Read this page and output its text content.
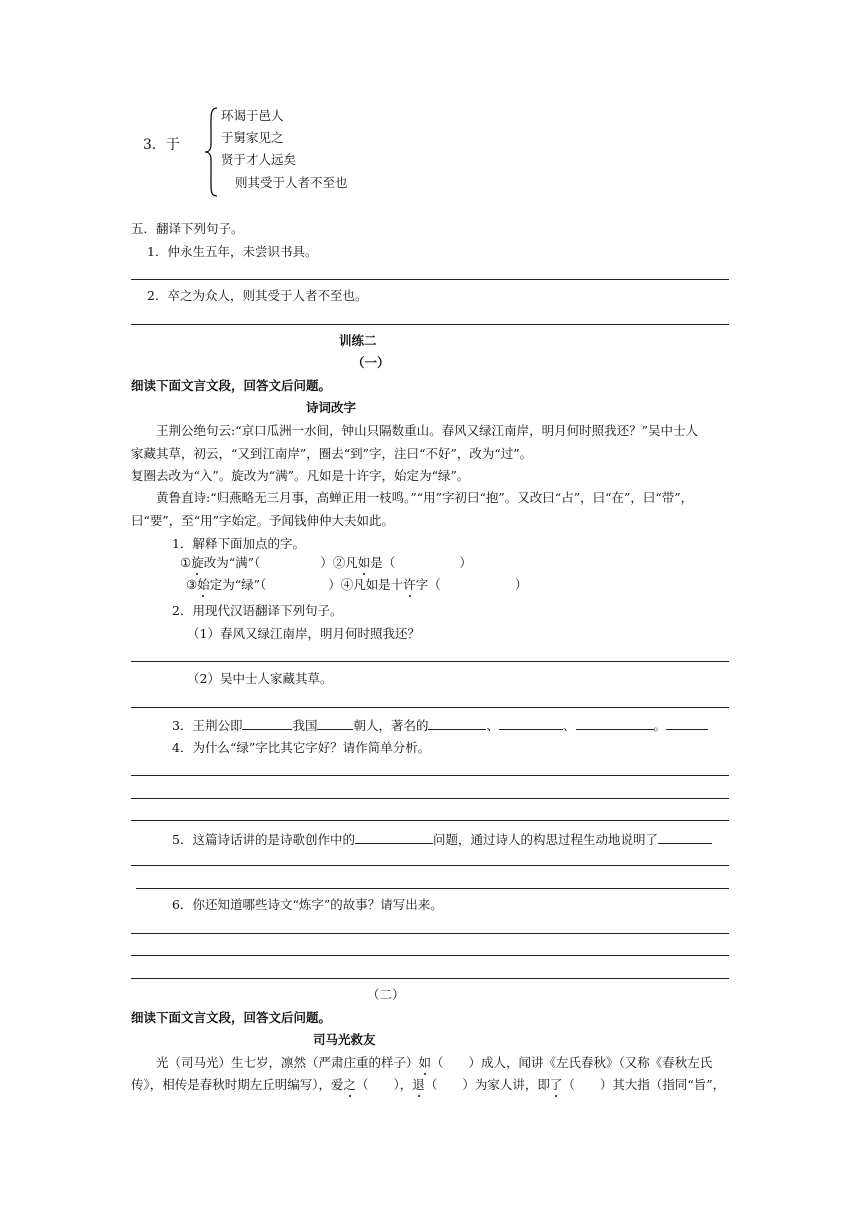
3．于
环谒于邑人
于舅家见之
贤于才人远矣
则其受于人者不至也
五．翻译下列句子。
1．仲永生五年，未尝识书具。
2．卒之为众人，则其受于人者不至也。
训练二
（一）
细读下面文言文段，回答文后问题。
诗词改字
王荆公绝句云:“京口瓜洲一水间，钟山只隔数重山。春风又绿江南岸，明月何时照我还？”吴中士人
家藏其草，初云，“又到江南岸”，圈去“到”字，注曰“不好”，改为“过”。
复圈去改为“入”。旋改为“满”。凡如是十许字，始定为“绿”。
黄鲁直诗:“归燕略无三月事，高蝉正用一枝鸣。”“用”字初曰“抱”。又改曰“占”，曰“在”，曰“带”，
曰“要”，至“用”字始定。予闻钱伸仲大夫如此。
1．解释下面加点的字。
①旋改为“满”（	）②凡如是（	）
③始定为“绿”（	）④凡如是十许字（	）
2．用现代汉语翻译下列句子。
（1）春风又绿江南岸，明月何时照我还？
（2）吴中士人家藏其草。
3．王荆公即	我国	朝人，著名的	、	、	。
4．为什么“绿”字比其它字好？请作简单分析。
5．这篇诗话讲的是诗歌创作中的	问题，通过诗人的构思过程生动地说明了
6．你还知道哪些诗文“炼字”的故事？请写出来。
（二）
细读下面文言文段，回答文后问题。
司马光救友
光（司马光）生七岁，凛然（严肃庄重的样子）如（　　）成人，闻讲《左氏春秋》（又称《春秋左氏
传》，相传是春秋时期左丘明编写），爱之（　　），退（　　）为家人讲，即了（　　）其大指（指同“旨”，
